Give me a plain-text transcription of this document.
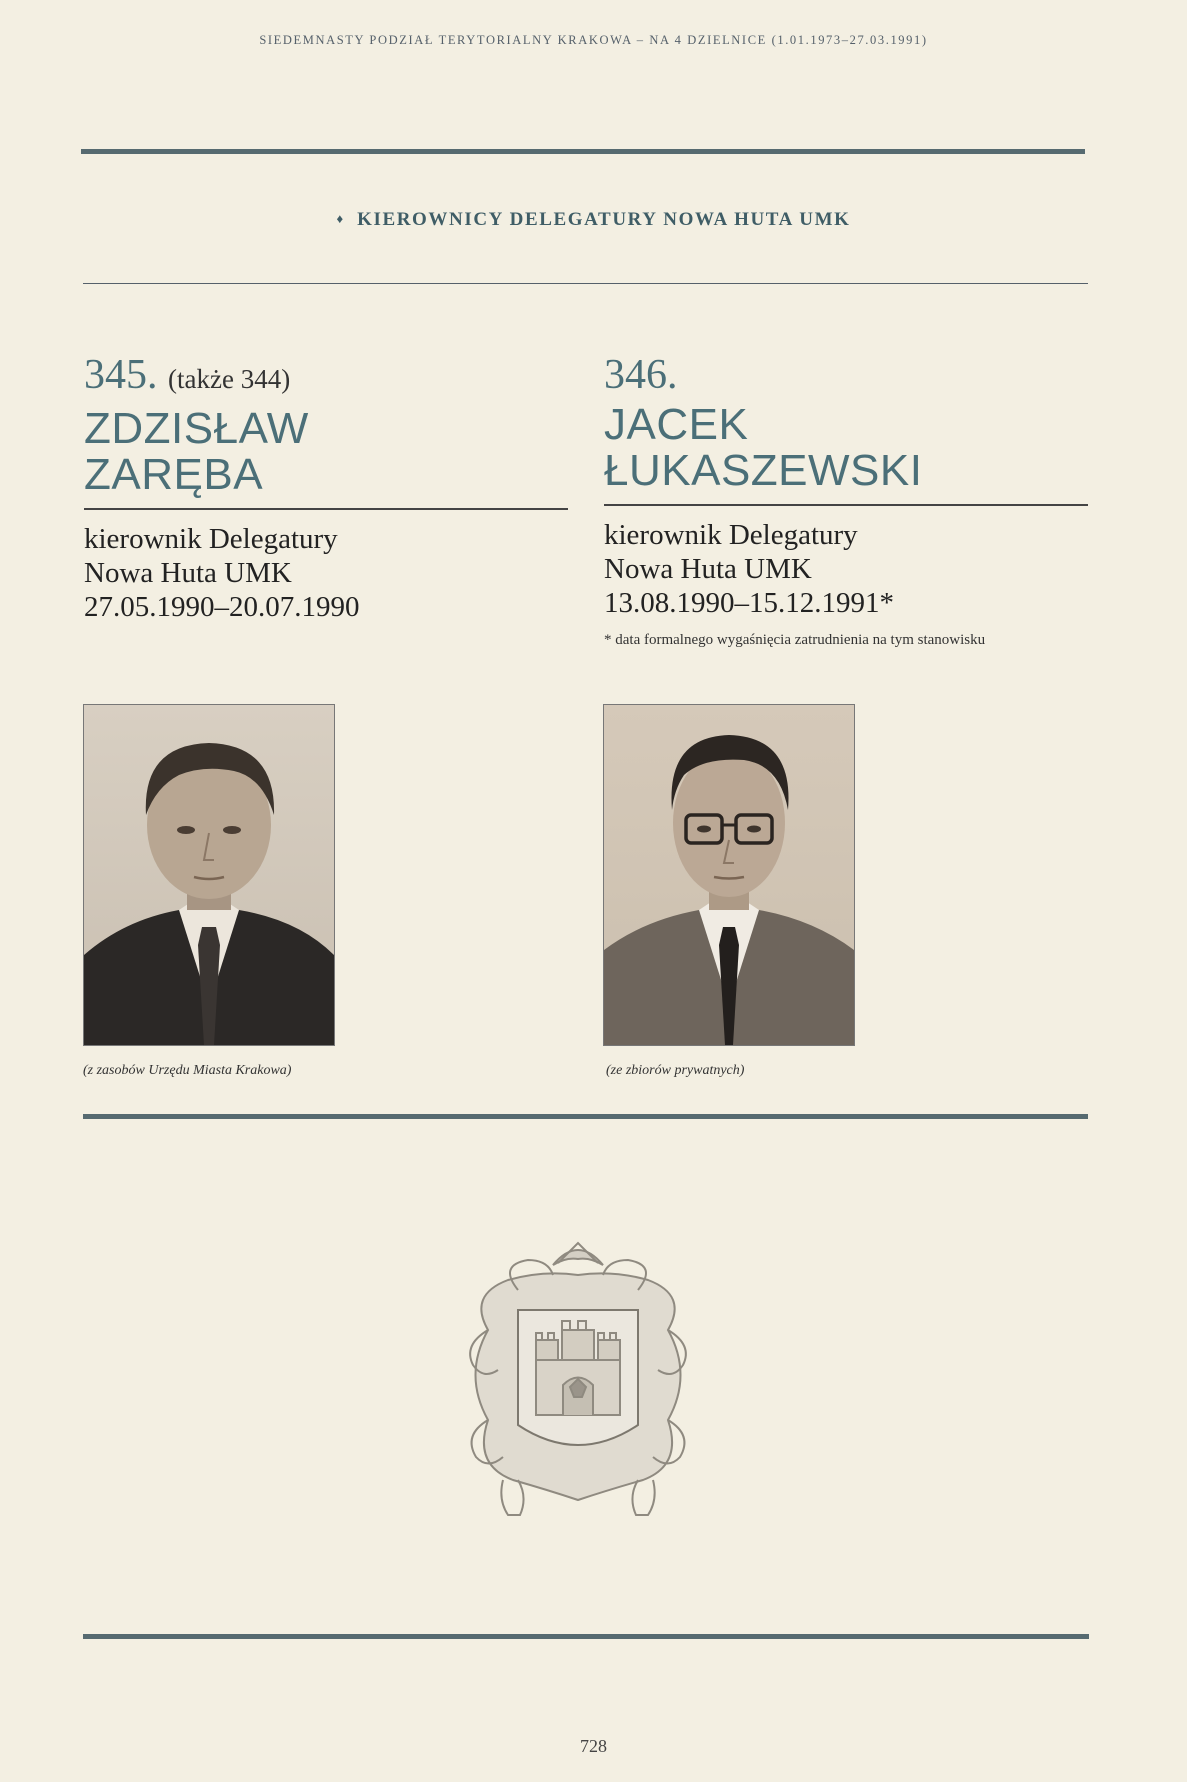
SIEDEMNASTY PODZIAŁ TERYTORIALNY KRAKOWA – NA 4 DZIELNICE (1.01.1973–27.03.1991)
♦ KIEROWNICY DELEGATURY NOWA HUTA UMK
345. (także 344)
ZDZISŁAW
ZARĘBA
kierownik Delegatury
Nowa Huta UMK
27.05.1990–20.07.1990
346.
JACEK
ŁUKASZEWSKI
kierownik Delegatury
Nowa Huta UMK
13.08.1990–15.12.1991*
* data formalnego wygaśnięcia zatrudnienia na tym stanowisku
(z zasobów Urzędu Miasta Krakowa)	(ze zbiorów prywatnych)
728
